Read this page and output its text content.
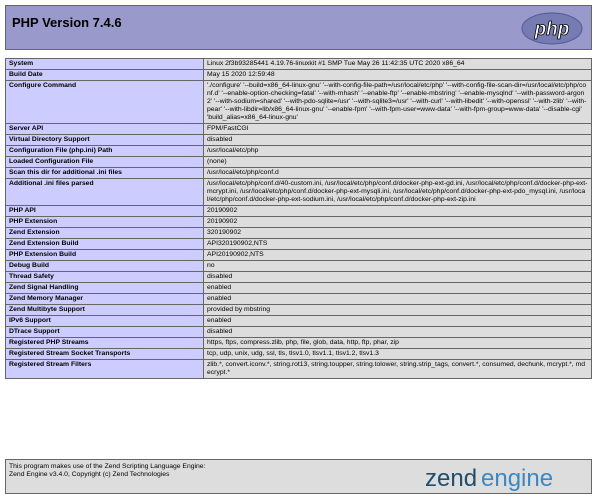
PHP Version 7.4.6	php
System	Linux 2f3b93285441 4.19.76-linuxkit #1 SMP Tue May 26 11:42:35 UTC 2020 x86_64
Build Date	May 15 2020 12:59:48
Configure Command	'./configure' '--build=x86_64-linux-gnu' '--with-config-file-path=/usr/local/etc/php' '--with-config-file-scan-dir=/usr/local/etc/php/conf.d' '--enable-option-checking=fatal' '--with-mhash' '--enable-ftp' '--enable-mbstring' '--enable-mysqlnd' '--with-password-argon2' '--with-sodium=shared' '--with-pdo-sqlite=/usr' '--with-sqlite3=/usr' '--with-curl' '--with-libedit' '--with-openssl' '--with-zlib' '--with-pear' '--with-libdir=lib/x86_64-linux-gnu' '--enable-fpm' '--with-fpm-user=www-data' '--with-fpm-group=www-data' '--disable-cgi' 'build_alias=x86_64-linux-gnu'
Server API	FPM/FastCGI
Virtual Directory Support	disabled
Configuration File (php.ini) Path	/usr/local/etc/php
Loaded Configuration File	(none)
Scan this dir for additional .ini files	/usr/local/etc/php/conf.d
Additional .ini files parsed	/usr/local/etc/php/conf.d/40-custom.ini, /usr/local/etc/php/conf.d/docker-php-ext-gd.ini, /usr/local/etc/php/conf.d/docker-php-ext-mcrypt.ini, /usr/local/etc/php/conf.d/docker-php-ext-mysqli.ini, /usr/local/etc/php/conf.d/docker-php-ext-pdo_mysql.ini, /usr/local/etc/php/conf.d/docker-php-ext-sodium.ini, /usr/local/etc/php/conf.d/docker-php-ext-zip.ini
PHP API	20190902
PHP Extension	20190902
Zend Extension	320190902
Zend Extension Build	API320190902,NTS
PHP Extension Build	API20190902,NTS
Debug Build	no
Thread Safety	disabled
Zend Signal Handling	enabled
Zend Memory Manager	enabled
Zend Multibyte Support	provided by mbstring
IPv6 Support	enabled
DTrace Support	disabled
Registered PHP Streams	https, ftps, compress.zlib, php, file, glob, data, http, ftp, phar, zip
Registered Stream Socket Transports	tcp, udp, unix, udg, ssl, tls, tlsv1.0, tlsv1.1, tlsv1.2, tlsv1.3
Registered Stream Filters	zlib.*, convert.iconv.*, string.rot13, string.toupper, string.tolower, string.strip_tags, convert.*, consumed, dechunk, mcrypt.*, mdecrypt.*
This program makes use of the Zend Scripting Language Engine:
Zend Engine v3.4.0, Copyright (c) Zend Technologies	zend engine
